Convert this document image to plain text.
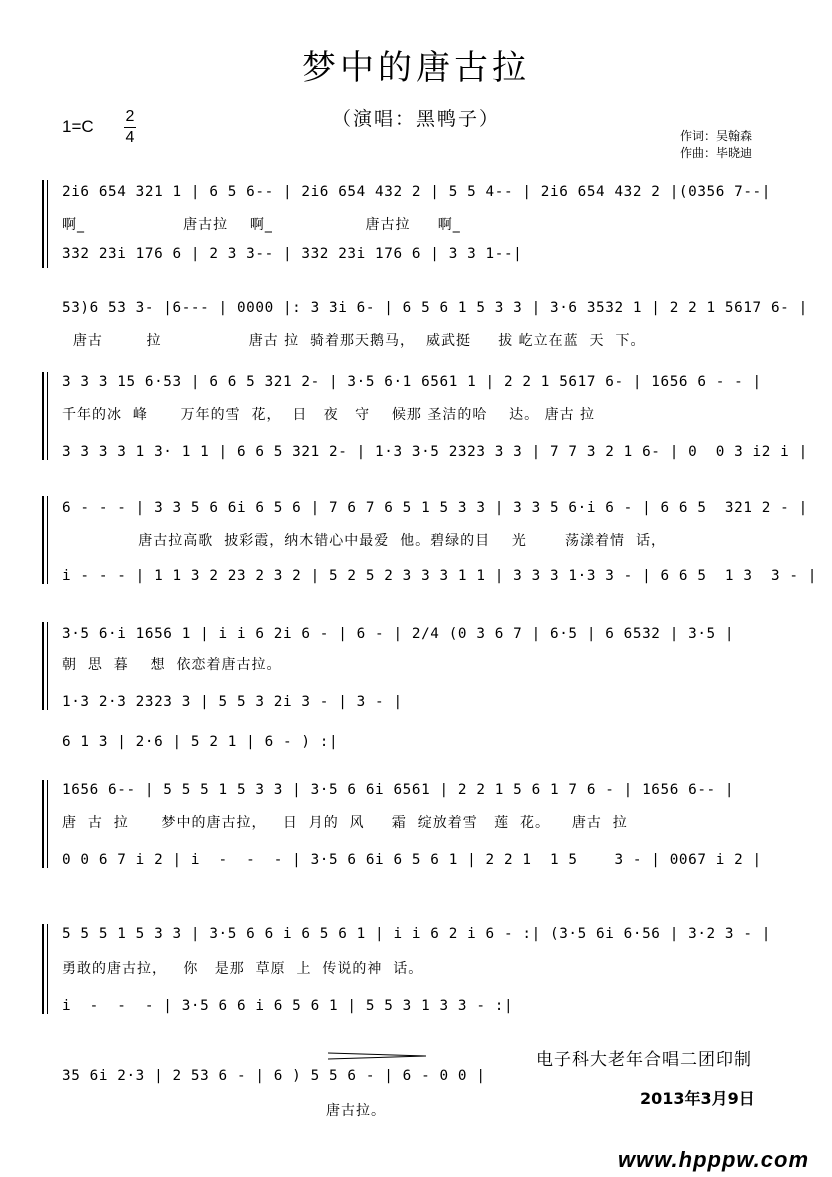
梦中的唐古拉
（演唱：黑鸭子）
1=C
2
4	作词：吴翰森
作曲：毕晓迪
2i6 654 321 1 | 6 5 6-- | 2i6 654 432 2 | 5 5 4-- | 2i6 654 432 2 |(0356 7--|
啊_                  唐古拉    啊_                 唐古拉     啊_
332 23i 176 6 | 2 3 3-- | 332 23i 176 6 | 3 3 1--|
53)6 53 3- |6--- | 0000 |: 3 3i 6- | 6 5 6 1 5 3 3 | 3·6 3532 1 | 2 2 1 5617 6- |
唐古        拉                唐古 拉  骑着那天鹅马，  威武挺     拔 屹立在蓝  天  下。
3 3 3 15 6·53 | 6 6 5 321 2- | 3·5 6·1 6561 1 | 2 2 1 5617 6- | 1656 6 - - |
千年的冰  峰      万年的雪  花，  日   夜   守    候那 圣洁的哈    达。 唐古 拉
3 3 3 3 1 3· 1 1 | 6 6 5 321 2- | 1·3 3·5 2323 3 3 | 7 7 3 2 1 6- | 0  0 3 i2 i |
6 - - - | 3 3 5 6 6i 6 5 6 | 7 6 7 6 5 1 5 3 3 | 3 3 5 6·i 6 - | 6 6 5  321 2 - |
唐古拉高歌  披彩霞，纳木错心中最爱  他。碧绿的目    光       荡漾着情  话，
i - - - | 1 1 3 2 23 2 3 2 | 5 2 5 2 3 3 3 1 1 | 3 3 3 1·3 3 - | 6 6 5  1 3  3 - |
3·5 6·i 1656 1 | i i 6 2i 6 - | 6 - | 2/4 (0 3 6 7 | 6·5 | 6 6532 | 3·5 |
朝  思  暮    想  依恋着唐古拉。
1·3 2·3 2323 3 | 5 5 3 2i 3 - | 3 - |
6 1 3 | 2·6 | 5 2 1 | 6 - ) :|
1656 6-- | 5 5 5 1 5 3 3 | 3·5 6 6i 6561 | 2 2 1 5 6 1 7 6 - | 1656 6-- |
唐  古  拉      梦中的唐古拉，   日  月的  风     霜  绽放着雪   莲  花。    唐古  拉
0 0 6 7 i 2 | i  -  -  - | 3·5 6 6i 6 5 6 1 | 2 2 1  1 5    3 - | 0067 i 2 |
5 5 5 1 5 3 3 | 3·5 6 6 i 6 5 6 1 | i i 6 2 i 6 - :| (3·5 6i 6·56 | 3·2 3 - |
勇敢的唐古拉，   你   是那  草原  上  传说的神  话。
i  -  -  - | 3·5 6 6 i 6 5 6 1 | 5 5 3 1 3 3 - :|
35 6i 2·3 | 2 53 6 - | 6 ) 5 5 6 - | 6 - 0 0 |
唐古拉。
电子科大老年合唱二团印制
2013年3月9日
www.hpppw.com
